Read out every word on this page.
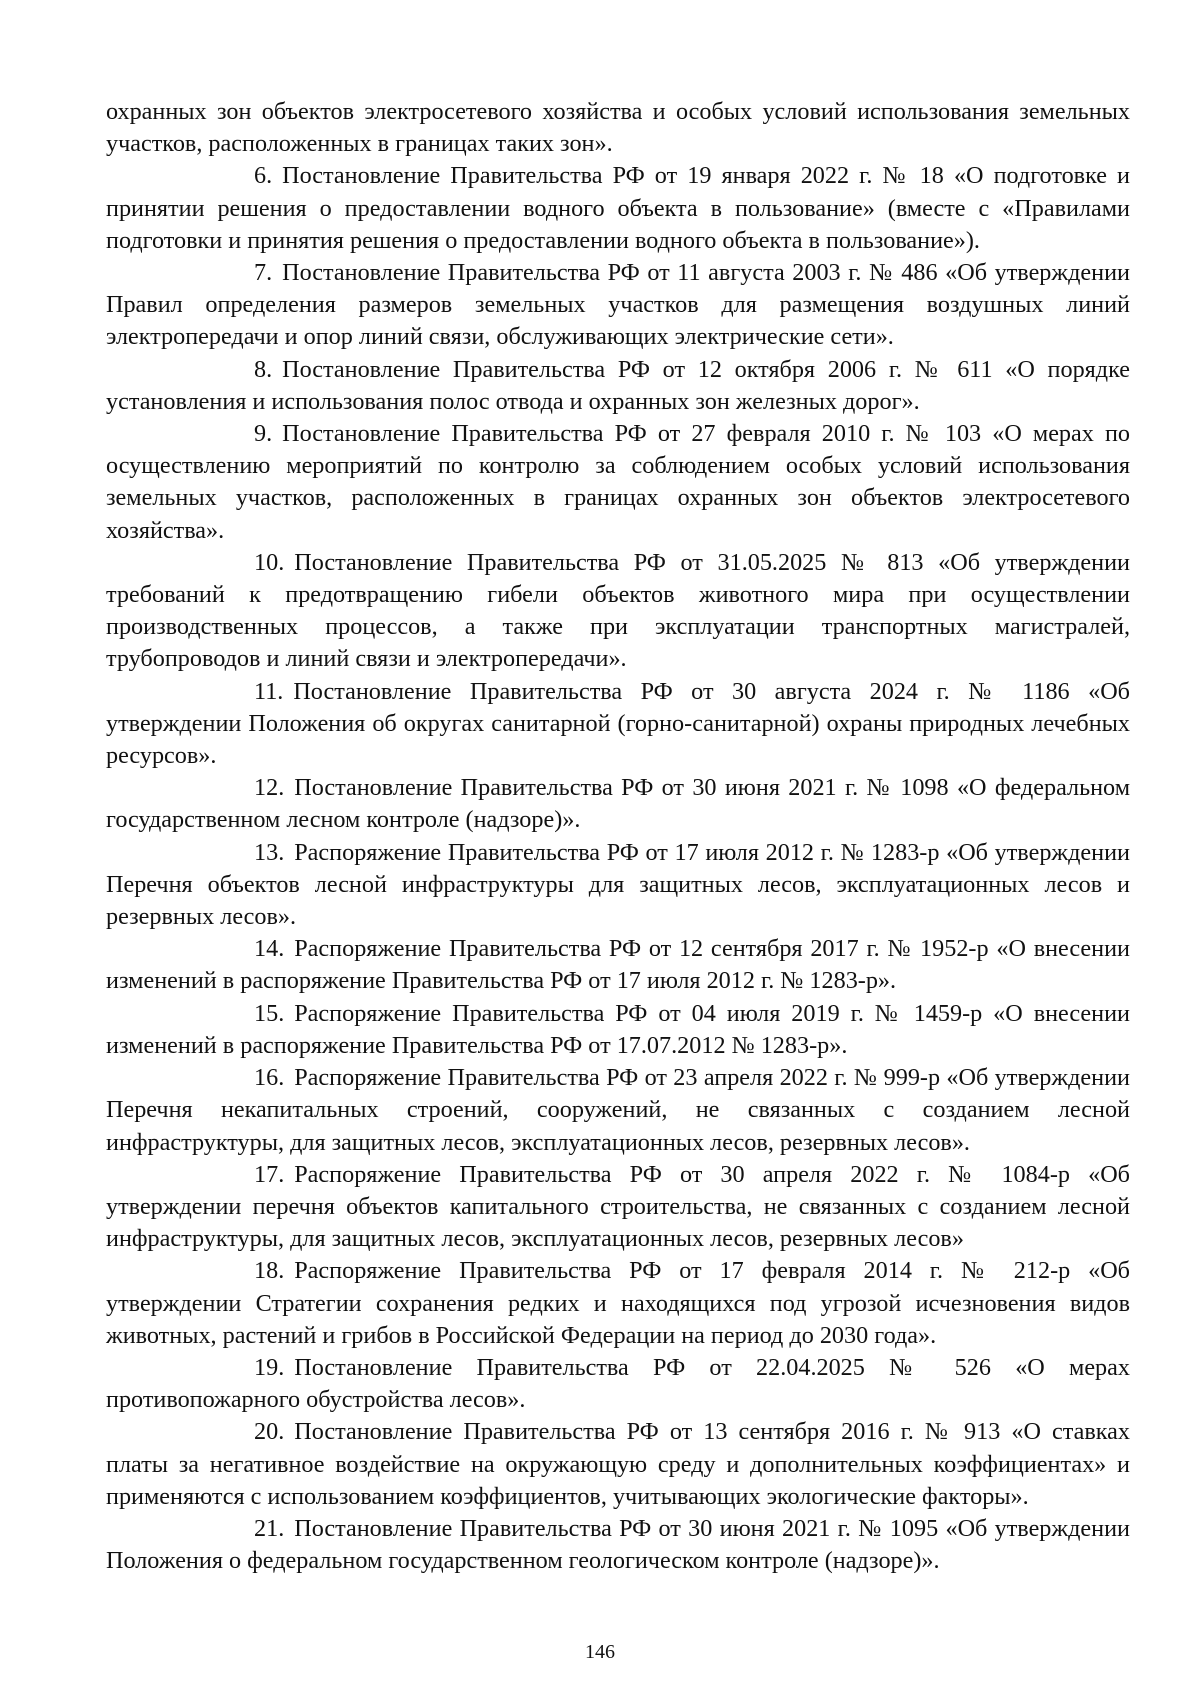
охранных зон объектов электросетевого хозяйства и особых условий использования земельных участков, расположенных в границах таких зон».

6. Постановление Правительства РФ от 19 января 2022 г. № 18 «О подготовке и принятии решения о предоставлении водного объекта в пользование» (вместе с «Правилами подготовки и принятия решения о предоставлении водного объекта в пользование»).

7. Постановление Правительства РФ от 11 августа 2003 г. № 486 «Об утверждении Правил определения размеров земельных участков для размещения воздушных линий электропередачи и опор линий связи, обслуживающих электрические сети».

8. Постановление Правительства РФ от 12 октября 2006 г. № 611 «О порядке установления и использования полос отвода и охранных зон железных дорог».

9. Постановление Правительства РФ от 27 февраля 2010 г. № 103 «О мерах по осуществлению мероприятий по контролю за соблюдением особых условий использования земельных участков, расположенных в границах охранных зон объектов электросетевого хозяйства».

10. Постановление Правительства РФ от 31.05.2025 № 813 «Об утверждении требований к предотвращению гибели объектов животного мира при осуществлении производственных процессов, а также при эксплуатации транспортных магистралей, трубопроводов и линий связи и электропередачи».

11. Постановление Правительства РФ от 30 августа 2024 г. № 1186 «Об утверждении Положения об округах санитарной (горно-санитарной) охраны природных лечебных ресурсов».

12. Постановление Правительства РФ от 30 июня 2021 г. № 1098 «О федеральном государственном лесном контроле (надзоре)».

13. Распоряжение Правительства РФ от 17 июля 2012 г. № 1283-р «Об утверждении Перечня объектов лесной инфраструктуры для защитных лесов, эксплуатационных лесов и резервных лесов».

14. Распоряжение Правительства РФ от 12 сентября 2017 г. № 1952-р «О внесении изменений в распоряжение Правительства РФ от 17 июля 2012 г. № 1283-р».

15. Распоряжение Правительства РФ от 04 июля 2019 г. № 1459-р «О внесении изменений в распоряжение Правительства РФ от 17.07.2012 № 1283-р».

16. Распоряжение Правительства РФ от 23 апреля 2022 г. № 999-р «Об утверждении Перечня некапитальных строений, сооружений, не связанных с созданием лесной инфраструктуры, для защитных лесов, эксплуатационных лесов, резервных лесов».

17. Распоряжение Правительства РФ от 30 апреля 2022 г. № 1084-р «Об утверждении перечня объектов капитального строительства, не связанных с созданием лесной инфраструктуры, для защитных лесов, эксплуатационных лесов, резервных лесов»

18. Распоряжение Правительства РФ от 17 февраля 2014 г. № 212-р «Об утверждении Стратегии сохранения редких и находящихся под угрозой исчезновения видов животных, растений и грибов в Российской Федерации на период до 2030 года».

19. Постановление Правительства РФ от 22.04.2025 № 526 «О мерах противопожарного обустройства лесов».

20. Постановление Правительства РФ от 13 сентября 2016 г. № 913 «О ставках платы за негативное воздействие на окружающую среду и дополнительных коэффициентах» и применяются с использованием коэффициентов, учитывающих экологические факторы».

21. Постановление Правительства РФ от 30 июня 2021 г. № 1095 «Об утверждении Положения о федеральном государственном геологическом контроле (надзоре)».

146
